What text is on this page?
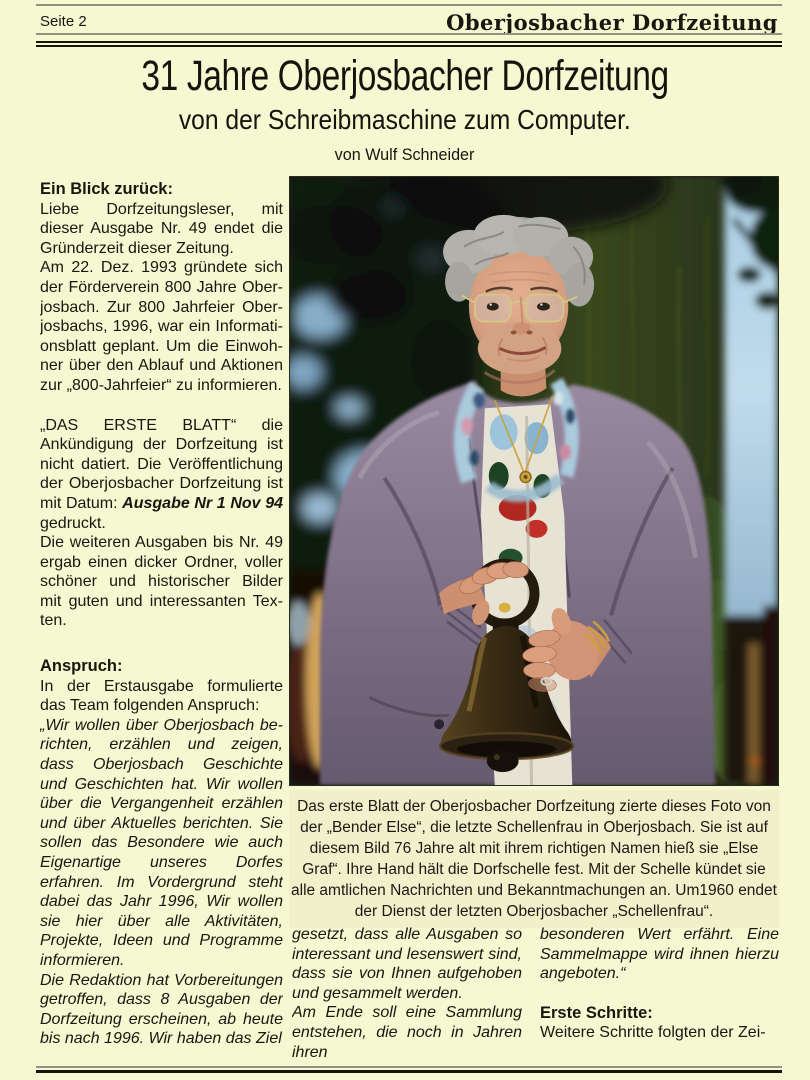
Seite 2	Oberjosbacher Dorfzeitung
31 Jahre Oberjosbacher Dorfzeitung
von der Schreibmaschine zum Computer.
von Wulf Schneider

Ein Blick zurück:

Liebe Dorfzeitungsleser, mit dieser Ausgabe Nr. 49 endet die Gründerzeit dieser Zeitung.

Am 22. Dez. 1993 gründete sich der Förderverein 800 Jahre Oberjosbach. Zur 800 Jahrfeier Oberjosbachs, 1996, war ein Informationsblatt geplant. Um die Einwohner über den Ablauf und Aktionen zur „800-Jahrfeier“ zu informieren.

„DAS ERSTE BLATT“ die Ankündigung der Dorfzeitung ist nicht datiert. Die Veröffentlichung der Oberjosbacher Dorfzeitung ist mit Datum: Ausgabe Nr 1 Nov 94 gedruckt.

Die weiteren Ausgaben bis Nr. 49 ergab einen dicker Ordner, voller schöner und historischer Bilder mit guten und interessanten Texten.

Anspruch:

In der Erstausgabe formulierte das Team folgenden Anspruch:

„Wir wollen über Oberjosbach berichten, erzählen und zeigen, dass Oberjosbach Geschichte und Geschichten hat. Wir wollen über die Vergangenheit erzählen und über Aktuelles berichten. Sie sollen das Besondere wie auch Eigenartige unseres Dorfes erfahren. Im Vordergrund steht dabei das Jahr 1996, Wir wollen sie hier über alle Aktivitäten, Projekte, Ideen und Programme informieren.

Die Redaktion hat Vorbereitungen getroffen, dass 8 Ausgaben der Dorfzeitung erscheinen, ab heute bis nach 1996. Wir haben das Ziel

Das erste Blatt der Oberjosbacher Dorfzeitung zierte dieses Foto von der „Bender Else“, die letzte Schellenfrau in Oberjosbach. Sie ist auf diesem Bild 76 Jahre alt mit ihrem richtigen Namen hieß sie „Else Graf“. Ihre Hand hält die Dorfschelle fest. Mit der Schelle kündet sie alle amtlichen Nachrichten und Bekanntmachungen an. Um1960 endet der Dienst der letzten Oberjosbacher „Schellenfrau“.

gesetzt, dass alle Ausgaben so interessant und lesenswert sind, dass sie von Ihnen aufgehoben und gesammelt werden.

Am Ende soll eine Sammlung entstehen, die noch in Jahren ihren

besonderen Wert erfährt. Eine Sammelmappe wird ihnen hierzu angeboten.“

Erste Schritte:

Weitere Schritte folgten der Zei-
